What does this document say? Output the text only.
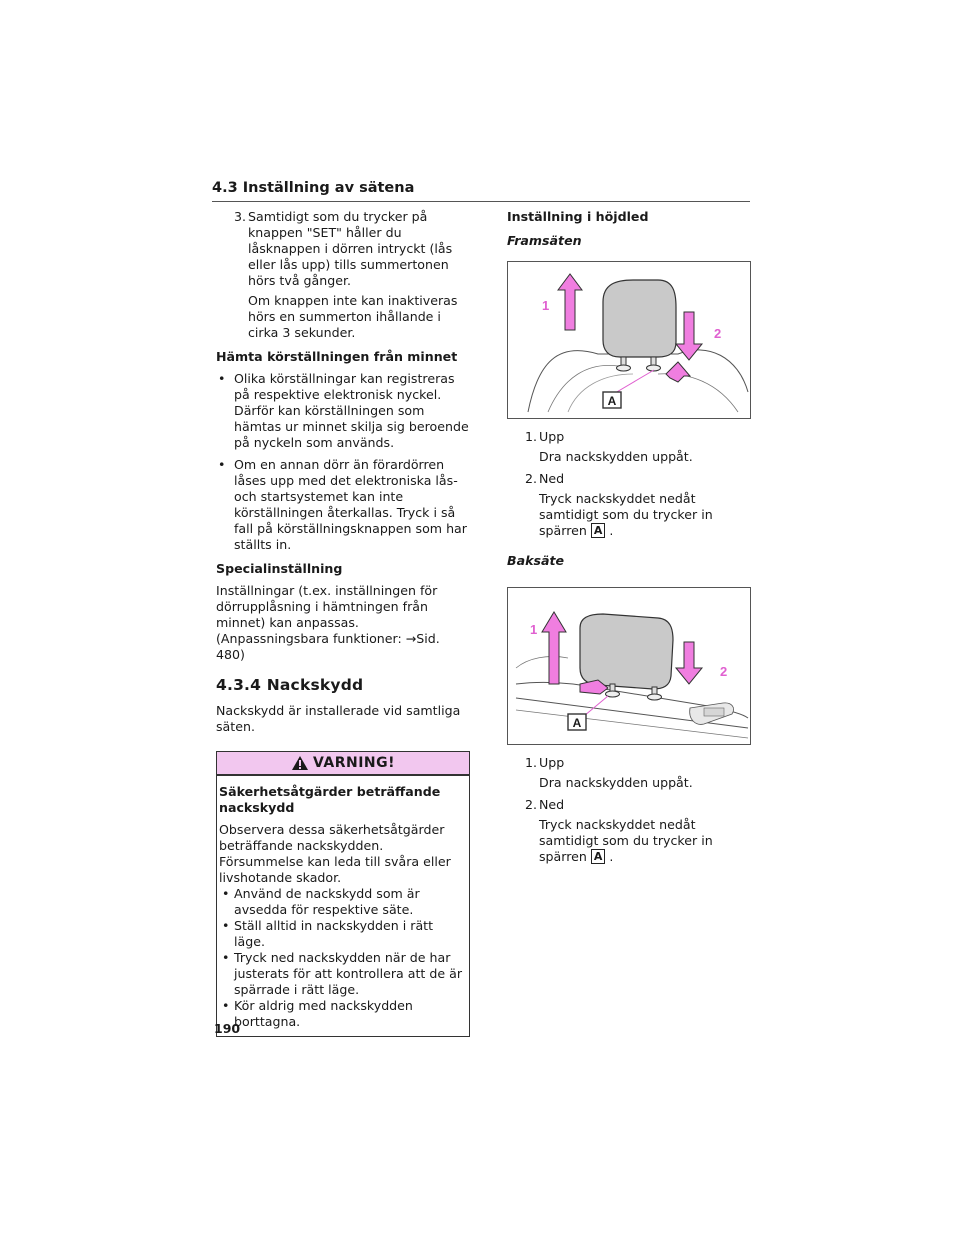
4.3 Inställning av sätena
3. Samtidigt som du trycker på knappen "SET" håller du låsknappen i dörren intryckt (lås eller lås upp) tills summertonen hörs två gånger.
Om knappen inte kan inaktiveras hörs en summerton ihållande i cirka 3 sekunder.
Hämta körställningen från minnet
• Olika körställningar kan registreras på respektive elektronisk nyckel. Därför kan körställningen som hämtas ur minnet skilja sig beroende på nyckeln som används.
• Om en annan dörr än förardörren låses upp med det elektroniska lås- och startsystemet kan inte körställningen återkallas. Tryck i så fall på körställningsknappen som har ställts in.
Specialinställning

Inställningar (t.ex. inställningen för dörrupplåsning i hämtningen från minnet) kan anpassas.

(Anpassningsbara funktioner: →Sid. 480)

4.3.4 Nackskydd

Nackskydd är installerade vid samtliga säten.

VARNING!
Säkerhetsåtgärder beträffande nackskydd
Observera dessa säkerhetsåtgärder beträffande nackskydden.
Försummelse kan leda till svåra eller livshotande skador.
• Använd de nackskydd som är avsedda för respektive säte.
• Ställ alltid in nackskydden i rätt läge.
• Tryck ned nackskydden när de har justerats för att kontrollera att de är spärrade i rätt läge.
• Kör aldrig med nackskydden borttagna.
Inställning i höjdled
Framsäten
A
1
2
1. Upp
Dra nackskydden uppåt.
2. Ned
Tryck nackskyddet nedåt samtidigt som du trycker in spärren A .
Baksäte
A
1
2
1. Upp
Dra nackskydden uppåt.
2. Ned
Tryck nackskyddet nedåt samtidigt som du trycker in spärren A .
190
